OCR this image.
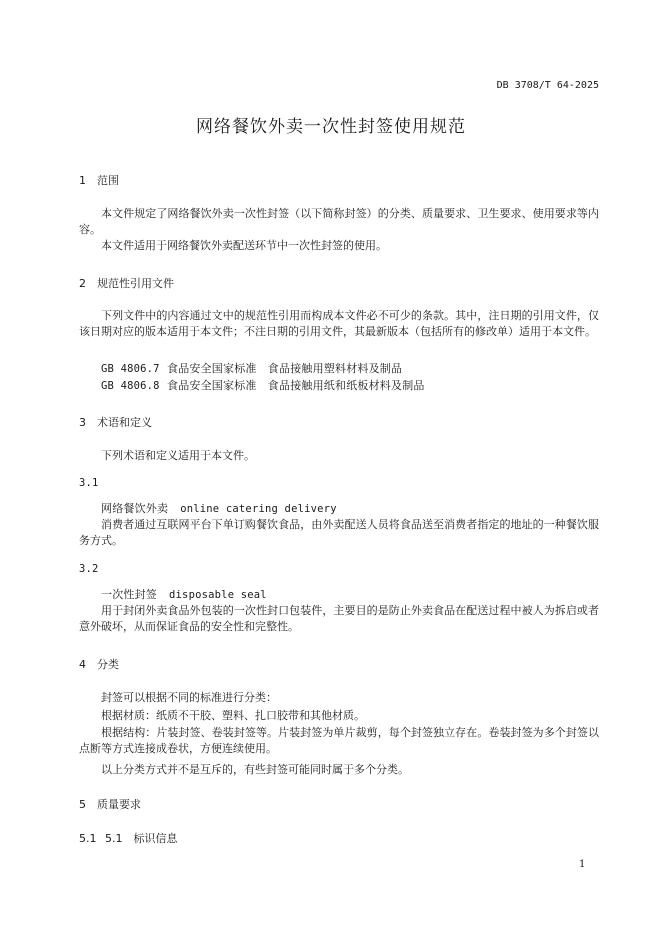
DB 3708/T 64-2025
网络餐饮外卖一次性封签使用规范
1 范围
本文件规定了网络餐饮外卖一次性封签（以下简称封签）的分类、质量要求、卫生要求、使用要求等内容。
本文件适用于网络餐饮外卖配送环节中一次性封签的使用。
2 规范性引用文件
下列文件中的内容通过文中的规范性引用而构成本文件必不可少的条款。其中，注日期的引用文件，仅该日期对应的版本适用于本文件；不注日期的引用文件，其最新版本（包括所有的修改单）适用于本文件。
GB 4806.7 食品安全国家标准　食品接触用塑料材料及制品
GB 4806.8 食品安全国家标准　食品接触用纸和纸板材料及制品
3 术语和定义
下列术语和定义适用于本文件。
3.1
网络餐饮外卖 online catering delivery
消费者通过互联网平台下单订购餐饮食品，由外卖配送人员将食品送至消费者指定的地址的一种餐饮服务方式。
3.2
一次性封签 disposable seal
用于封闭外卖食品外包装的一次性封口包装件，主要目的是防止外卖食品在配送过程中被人为拆启或者意外破坏，从而保证食品的安全性和完整性。
4 分类
封签可以根据不同的标准进行分类：
根据材质：纸质不干胶、塑料、扎口胶带和其他材质。
根据结构：片装封签、卷装封签等。片装封签为单片裁剪，每个封签独立存在。卷装封签为多个封签以点断等方式连接成卷状，方便连续使用。
以上分类方式并不是互斥的，有些封签可能同时属于多个分类。
5 质量要求
5.1 5.1　标识信息
1
